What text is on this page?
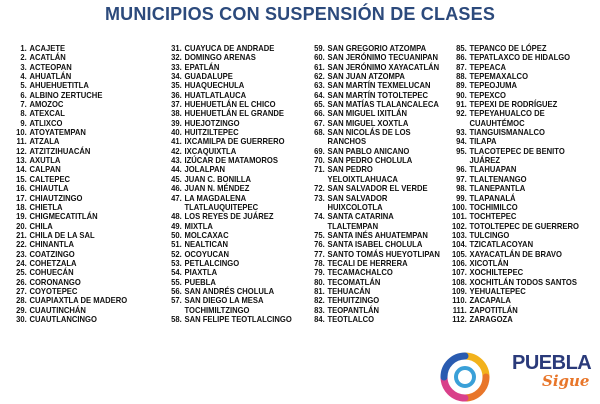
MUNICIPIOS CON SUSPENSIÓN DE CLASES
1. ACAJETE
2. ACATLÁN
3. ACTEOPAN
4. AHUATLÁN
5. AHUEHUETITLA
6. ALBINO ZERTUCHE
7. AMOZOC
8. ATEXCAL
9. ATLIXCO
10. ATOYATEMPAN
11. ATZALA
12. ATZITZIHUACÁN
13. AXUTLA
14. CALPAN
15. CALTEPEC
16. CHIAUTLA
17. CHIAUTZINGO
18. CHIETLA
19. CHIGMECATITLÁN
20. CHILA
21. CHILA DE LA SAL
22. CHINANTLA
23. COATZINGO
24. COHETZALA
25. COHUECÁN
26. CORONANGO
27. COYOTEPEC
28. CUAPIAXTLA DE MADERO
29. CUAUTINCHÁN
30. CUAUTLANCINGO
31. CUAYUCA DE ANDRADE
32. DOMINGO ARENAS
33. EPATLÁN
34. GUADALUPE
35. HUAQUECHULA
36. HUATLATLAUCA
37. HUEHUETLÁN EL CHICO
38. HUEHUETLÁN EL GRANDE
39. HUEJOTZINGO
40. HUITZILTEPEC
41. IXCAMILPA DE GUERRERO
42. IXCAQUIXTLA
43. IZÚCAR DE MATAMOROS
44. JOLALPAN
45. JUAN C. BONILLA
46. JUAN N. MÉNDEZ
47. LA MAGDALENA
TLATLAUQUITEPEC
48. LOS REYES DE JUÁREZ
49. MIXTLA
50. MOLCAXAC
51. NEALTICAN
52. OCOYUCAN
53. PETLALCINGO
54. PIAXTLA
55. PUEBLA
56. SAN ANDRÉS CHOLULA
57. SAN DIEGO LA MESA
TOCHIMILTZINGO
58. SAN FELIPE TEOTLALCINGO
59. SAN GREGORIO ATZOMPA
60. SAN JERÓNIMO TECUANIPAN
61. SAN JERÓNIMO XAYACATLÁN
62. SAN JUAN ATZOMPA
63. SAN MARTÍN TEXMELUCAN
64. SAN MARTÍN TOTOLTEPEC
65. SAN MATÍAS TLALANCALECA
66. SAN MIGUEL IXITLÁN
67. SAN MIGUEL XOXTLA
68. SAN NICOLÁS DE LOS
RANCHOS
69. SAN PABLO ANICANO
70. SAN PEDRO CHOLULA
71. SAN PEDRO
YELOIXTLAHUACA
72. SAN SALVADOR EL VERDE
73. SAN SALVADOR
HUIXCOLOTLA
74. SANTA CATARINA
TLALTEMPAN
75. SANTA INÉS AHUATEMPAN
76. SANTA ISABEL CHOLULA
77. SANTO TOMÁS HUEYOTLIPAN
78. TECALI DE HERRERA
79. TECAMACHALCO
80. TECOMATLÁN
81. TEHUACÁN
82. TEHUITZINGO
83. TEOPANTLÁN
84. TEOTLALCO
85. TEPANCO DE LÓPEZ
86. TEPATLAXCO DE HIDALGO
87. TEPEACA
88. TEPEMAXALCO
89. TEPEOJUMA
90. TEPEXCO
91. TEPEXI DE RODRÍGUEZ
92. TEPEYAHUALCO DE
CUAUHTÉMOC
93. TIANGUISMANALCO
94. TILAPA
95. TLACOTEPEC DE BENITO
JUÁREZ
96. TLAHUAPAN
97. TLALTENANGO
98. TLANEPANTLA
99. TLAPANALÁ
100. TOCHIMILCO
101. TOCHTEPEC
102. TOTOLTEPEC DE GUERRERO
103. TULCINGO
104. TZICATLACOYAN
105. XAYACATLÁN DE BRAVO
106. XICOTLÁN
107. XOCHILTEPEC
108. XOCHITLÁN TODOS SANTOS
109. YEHUALTEPEC
110. ZACAPALA
111. ZAPOTITLÁN
112. ZARAGOZA
PUEBLA
Sigue
